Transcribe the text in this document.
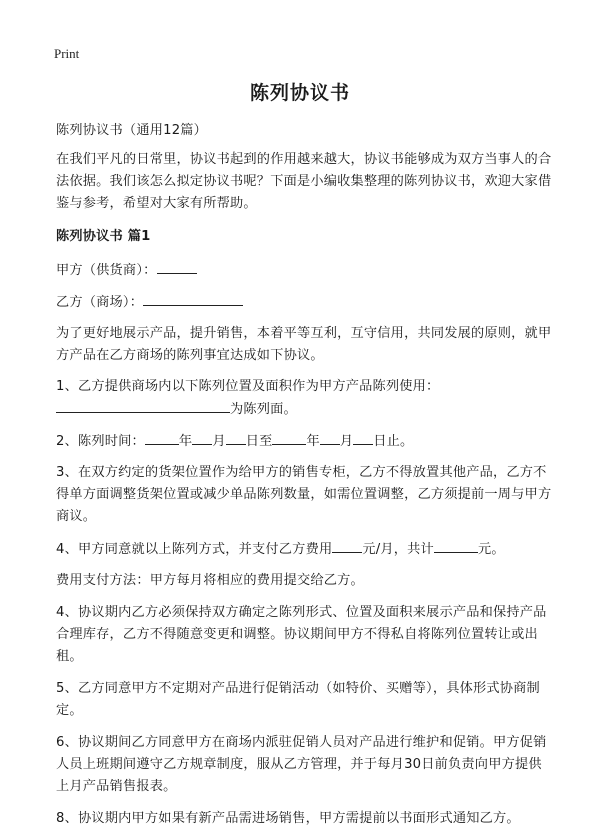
Print
陈列协议书

陈列协议书（通用12篇）

在我们平凡的日常里，协议书起到的作用越来越大，协议书能够成为双方当事人的合法依据。我们该怎么拟定协议书呢？下面是小编收集整理的陈列协议书，欢迎大家借鉴与参考，希望对大家有所帮助。

陈列协议书 篇1

甲方（供货商）：

乙方（商场）：

为了更好地展示产品，提升销售，本着平等互利，互守信用，共同发展的原则，就甲方产品在乙方商场的陈列事宜达成如下协议。

1、乙方提供商场内以下陈列位置及面积作为甲方产品陈列使用：
为陈列面。

2、陈列时间：	年 月 日至	年 月 日止。

3、在双方约定的货架位置作为给甲方的销售专柜，乙方不得放置其他产品，乙方不得单方面调整货架位置或减少单品陈列数量，如需位置调整，乙方须提前一周与甲方商议。

4、甲方同意就以上陈列方式，并支付乙方费用 元/月，共计	元。

费用支付方法：甲方每月将相应的费用提交给乙方。

4、协议期内乙方必须保持双方确定之陈列形式、位置及面积来展示产品和保持产品合理库存，乙方不得随意变更和调整。协议期间甲方不得私自将陈列位置转让或出租。

5、乙方同意甲方不定期对产品进行促销活动（如特价、买赠等），具体形式协商制定。

6、协议期间乙方同意甲方在商场内派驻促销人员对产品进行维护和促销。甲方促销人员上班期间遵守乙方规章制度，服从乙方管理，并于每月30日前负责向甲方提供上月产品销售报表。

8、协议期内甲方如果有新产品需进场销售，甲方需提前以书面形式通知乙方。
